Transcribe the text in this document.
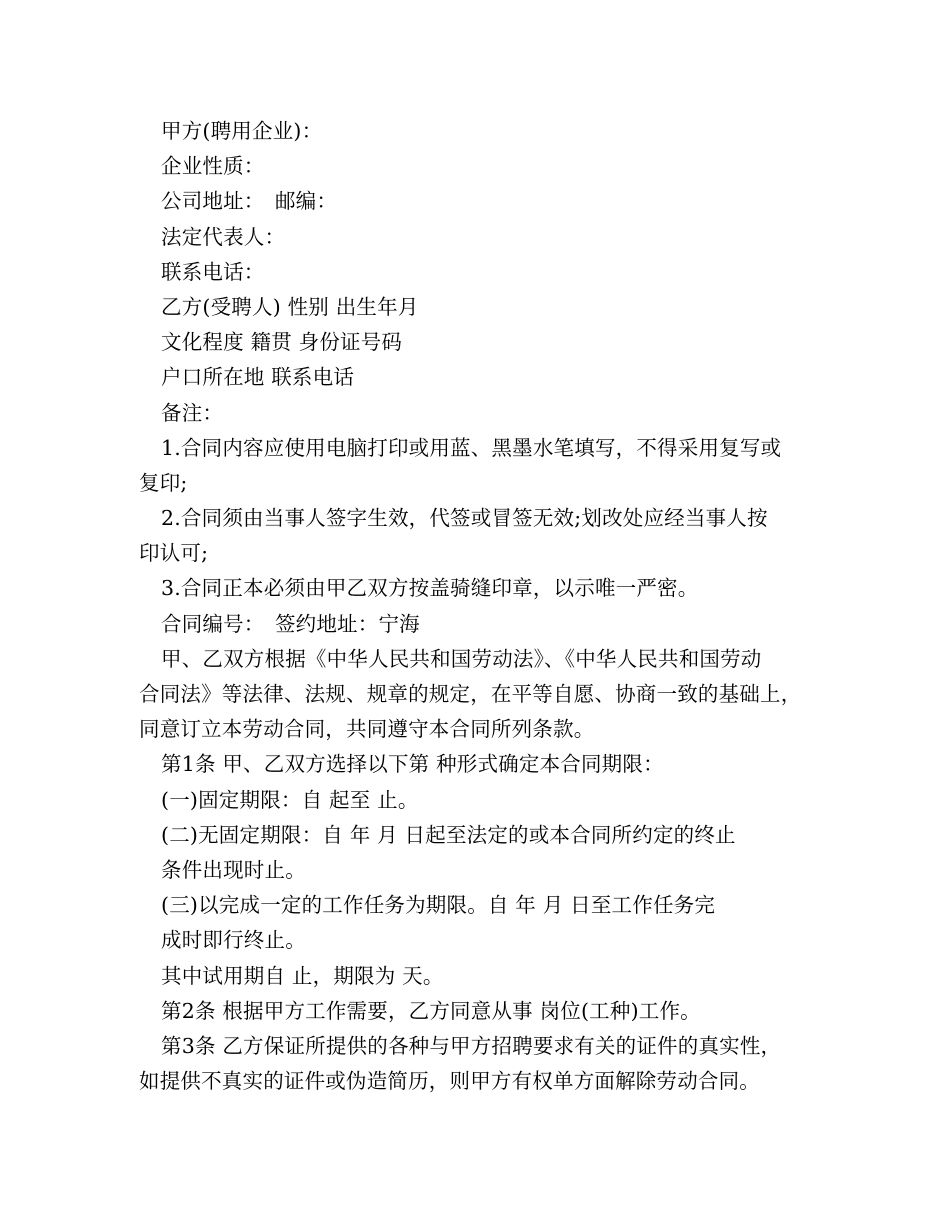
甲方(聘用企业)：
企业性质：
公司地址：　邮编：
法定代表人：
联系电话：
乙方(受聘人) 性别 出生年月
文化程度 籍贯 身份证号码
户口所在地 联系电话
备注：
1.合同内容应使用电脑打印或用蓝、黑墨水笔填写，不得采用复写或
复印;
2.合同须由当事人签字生效，代签或冒签无效;划改处应经当事人按
印认可;
3.合同正本必须由甲乙双方按盖骑缝印章，以示唯一严密。
合同编号：　签约地址：宁海
甲、乙双方根据《中华人民共和国劳动法》、《中华人民共和国劳动
合同法》等法律、法规、规章的规定，在平等自愿、协商一致的基础上，
同意订立本劳动合同，共同遵守本合同所列条款。
第1条 甲、乙双方选择以下第 种形式确定本合同期限：
(一)固定期限：自 起至 止。
(二)无固定期限：自 年 月 日起至法定的或本合同所约定的终止
条件出现时止。
(三)以完成一定的工作任务为期限。自 年 月 日至工作任务完
成时即行终止。
其中试用期自 止，期限为 天。
第2条 根据甲方工作需要，乙方同意从事 岗位(工种)工作。
第3条 乙方保证所提供的各种与甲方招聘要求有关的证件的真实性，
如提供不真实的证件或伪造简历，则甲方有权单方面解除劳动合同。
